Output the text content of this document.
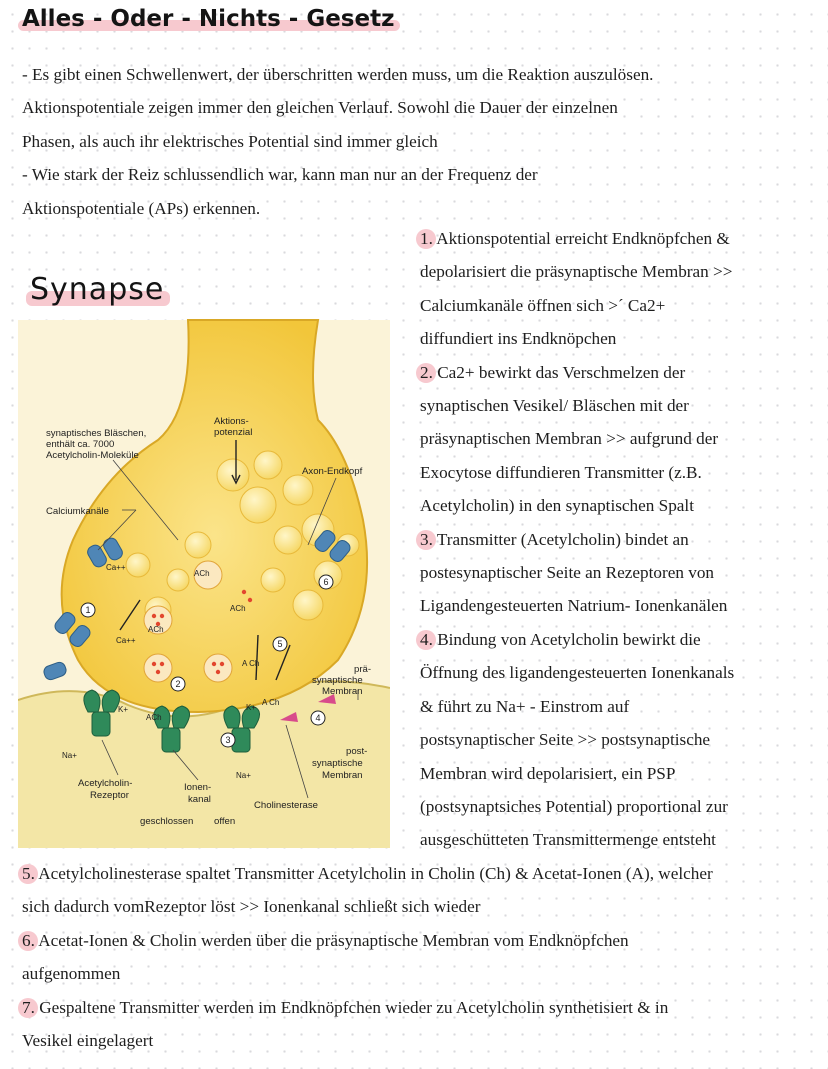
Alles - Oder - Nichts - Gesetz
- Es gibt einen Schwellenwert, der überschritten werden muss, um die Reaktion auszulösen.
Aktionspotentiale zeigen immer den gleichen Verlauf. Sowohl die Dauer der einzelnen
Phasen, als auch ihr elektrisches Potential sind immer gleich
- Wie stark der Reiz schlussendlich war, kann man nur an der Frequenz der
Aktionspotentiale (APs) erkennen.
Synapse
1
2
3
4
5
6
synaptisches Bläschen,
enthält ca. 7000
Acetylcholin-Moleküle
Aktions-
potenzial
Axon-Endkopf
Calciumkanäle
Ca++
Ca++
ACh
ACh
ACh
ACh
A Ch
A Ch
prä-
synaptische
Membran
post-
synaptische
Membran
K+	K+
Na+
Na+
Acetylcholin-
Rezeptor
Ionen-
kanal
Cholinesterase
geschlossen offen
1. Aktionspotential erreicht Endknöpfchen &
depolarisiert die präsynaptische Membran >>
Calciumkanäle öffnen sich >´ Ca2+
diffundiert ins Endknöpchen
2. Ca2+ bewirkt das Verschmelzen der
synaptischen Vesikel/ Bläschen mit der
präsynaptischen Membran >> aufgrund der
Exocytose diffundieren Transmitter (z.B.
Acetylcholin) in den synaptischen Spalt
3. Transmitter (Acetylcholin) bindet an
postesynaptischer Seite an Rezeptoren von
Ligandengesteuerten Natrium- Ionenkanälen
4. Bindung von Acetylcholin bewirkt die
Öffnung des ligandengesteuerten Ionenkanals
& führt zu Na+ - Einstrom auf
postsynaptischer Seite >> postsynaptische
Membran wird depolarisiert, ein PSP
(postsynaptsiches Potential) proportional zur
ausgeschütteten Transmittermenge entsteht
5. Acetylcholinesterase spaltet Transmitter Acetylcholin in Cholin (Ch) & Acetat-Ionen (A), welcher
sich dadurch vomRezeptor löst >> Ionenkanal schließt sich wieder
6. Acetat-Ionen & Cholin werden über die präsynaptische Membran vom Endknöpfchen
aufgenommen
7. Gespaltene Transmitter werden im Endknöpfchen wieder zu Acetylcholin synthetisiert & in
Vesikel eingelagert
